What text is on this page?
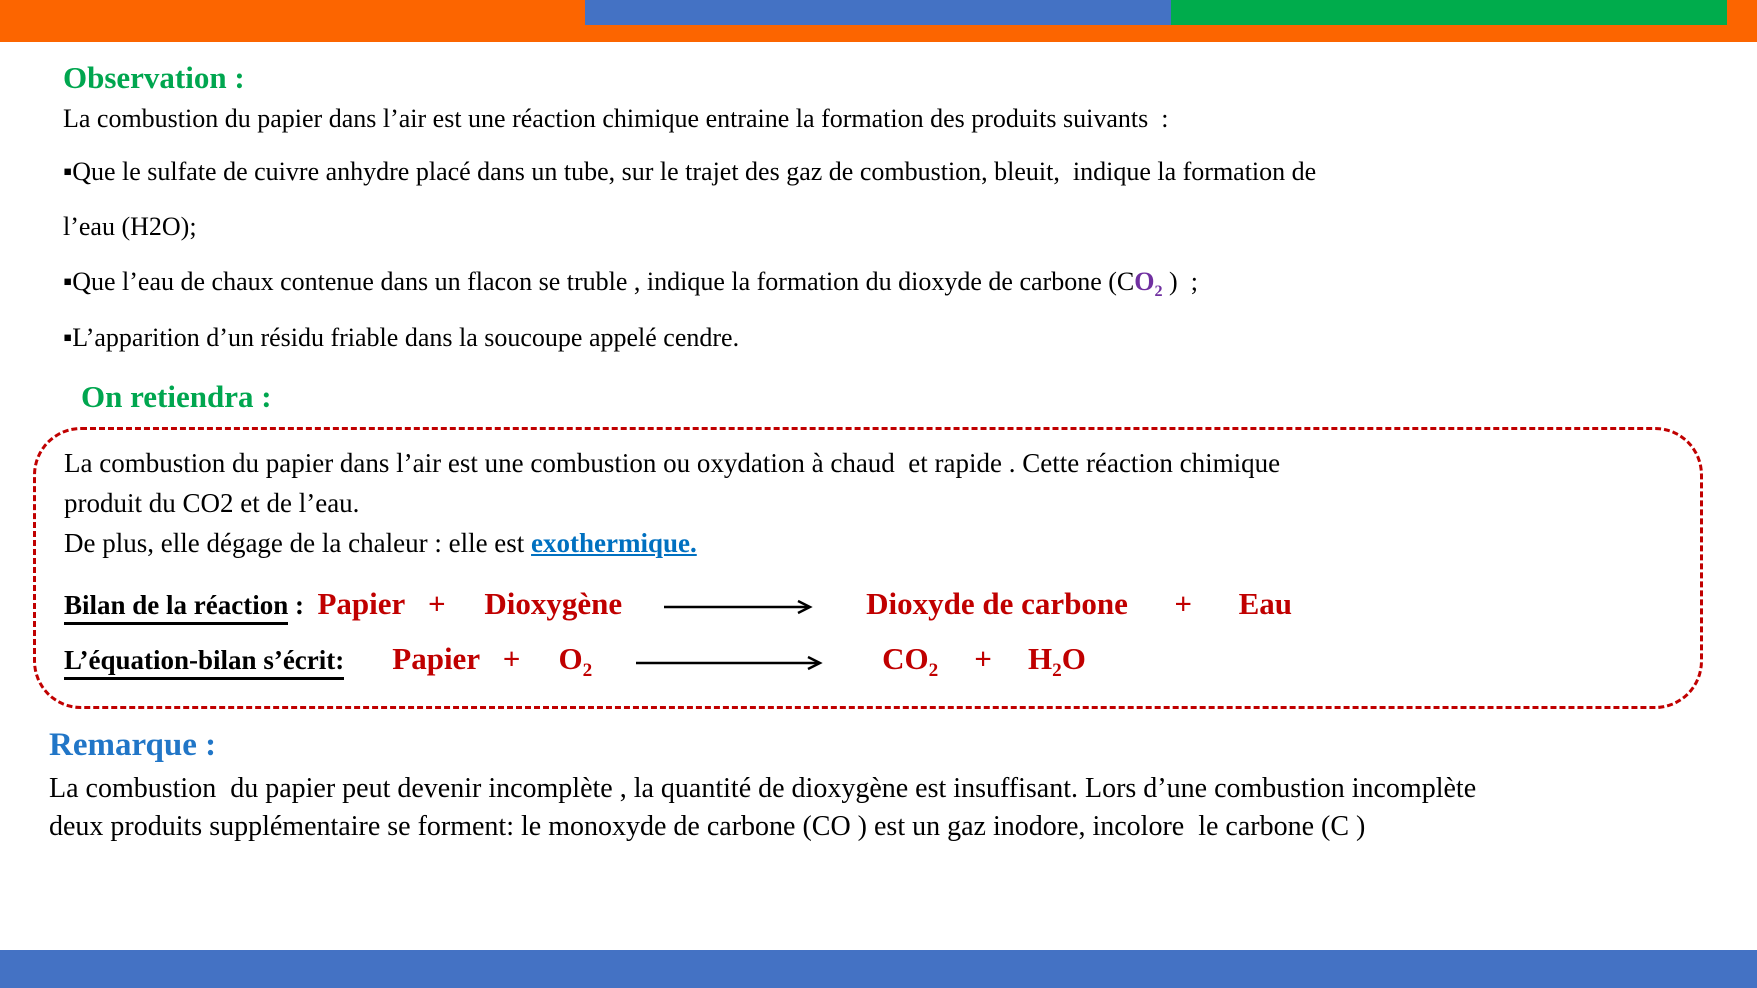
Observation :
La combustion du papier dans l’air est une réaction chimique entraine la formation des produits suivants  :
▪Que le sulfate de cuivre anhydre placé dans un tube, sur le trajet des gaz de combustion, bleuit,  indique la formation de
l’eau (H2O);
▪Que l’eau de chaux contenue dans un flacon se truble , indique la formation du dioxyde de carbone ($CO_2$ )  ;
▪L’apparition d’un résidu friable dans la soucoupe appelé cendre.
On retiendra :
La combustion du papier dans l’air est une combustion ou oxydation à chaud  et rapide . Cette réaction chimique
produit du CO2 et de l’eau.
De plus, elle dégage de la chaleur : elle est exothermique.
Bilan de la réaction : Papier   +     Dioxygène	Dioxyde de carbone      +      Eau
L’équation-bilan s’écrit: Papier   + $O_2$	$CO_2 + H_2O$
Remarque :
La combustion  du papier peut devenir incomplète , la quantité de dioxygène est insuffisant. Lors d’une combustion incomplète
deux produits supplémentaire se forment: le monoxyde de carbone (CO ) est un gaz inodore, incolore  le carbone (C )
